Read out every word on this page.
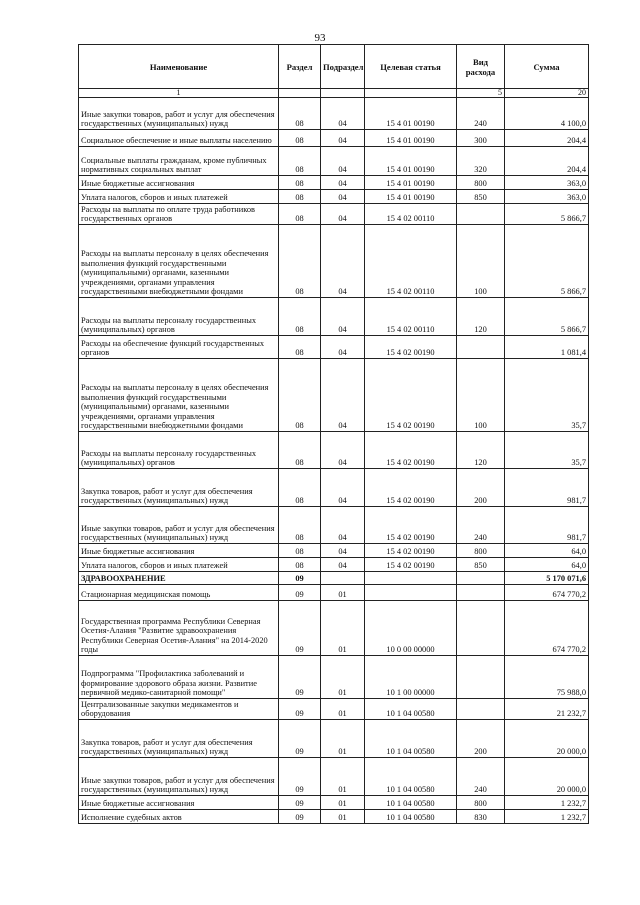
93
Наименование	Раздел	Подраздел	Целевая статья	Вид расхода	Сумма
1				5	20
Иные закупки товаров, работ и услуг для обеспечения государственных (муниципальных) нужд	08	04	15 4 01 00190	240	4 100,0
Социальное обеспечение и иные выплаты населению	08	04	15 4 01 00190	300	204,4
Социальные выплаты гражданам, кроме публичных нормативных социальных выплат	08	04	15 4 01 00190	320	204,4
Иные бюджетные ассигнования	08	04	15 4 01 00190	800	363,0
Уплата налогов, сборов и иных платежей	08	04	15 4 01 00190	850	363,0
Расходы на выплаты по оплате труда работников государственных органов	08	04	15 4 02 00110		5 866,7
Расходы на выплаты персоналу в целях обеспечения выполнения функций государственными (муниципальными) органами, казенными учреждениями, органами управления государственными внебюджетными фондами	08	04	15 4 02 00110	100	5 866,7
Расходы на выплаты персоналу государственных (муниципальных) органов	08	04	15 4 02 00110	120	5 866,7
Расходы на обеспечение функций государственных органов	08	04	15 4 02 00190		1 081,4
Расходы на выплаты персоналу в целях обеспечения выполнения функций государственными (муниципальными) органами, казенными учреждениями, органами управления государственными внебюджетными фондами	08	04	15 4 02 00190	100	35,7
Расходы на выплаты персоналу государственных (муниципальных) органов	08	04	15 4 02 00190	120	35,7
Закупка товаров, работ и услуг для обеспечения государственных (муниципальных) нужд	08	04	15 4 02 00190	200	981,7
Иные закупки товаров, работ и услуг для обеспечения государственных (муниципальных) нужд	08	04	15 4 02 00190	240	981,7
Иные бюджетные ассигнования	08	04	15 4 02 00190	800	64,0
Уплата налогов, сборов и иных платежей	08	04	15 4 02 00190	850	64,0
ЗДРАВООХРАНЕНИЕ	09				5 170 071,6
Стационарная медицинская помощь	09	01			674 770,2
Государственная программа Республики Северная Осетия-Алания "Развитие здравоохранения Республики Северная Осетия-Алания" на 2014-2020 годы	09	01	10 0 00 00000		674 770,2
Подпрограмма "Профилактика заболеваний и формирование здорового образа жизни. Развитие первичной медико-санитарной помощи"	09	01	10 1 00 00000		75 988,0
Централизованные закупки медикаментов и оборудования	09	01	10 1 04 00580		21 232,7
Закупка товаров, работ и услуг для обеспечения государственных (муниципальных) нужд	09	01	10 1 04 00580	200	20 000,0
Иные закупки товаров, работ и услуг для обеспечения государственных (муниципальных) нужд	09	01	10 1 04 00580	240	20 000,0
Иные бюджетные ассигнования	09	01	10 1 04 00580	800	1 232,7
Исполнение судебных актов	09	01	10 1 04 00580	830	1 232,7
